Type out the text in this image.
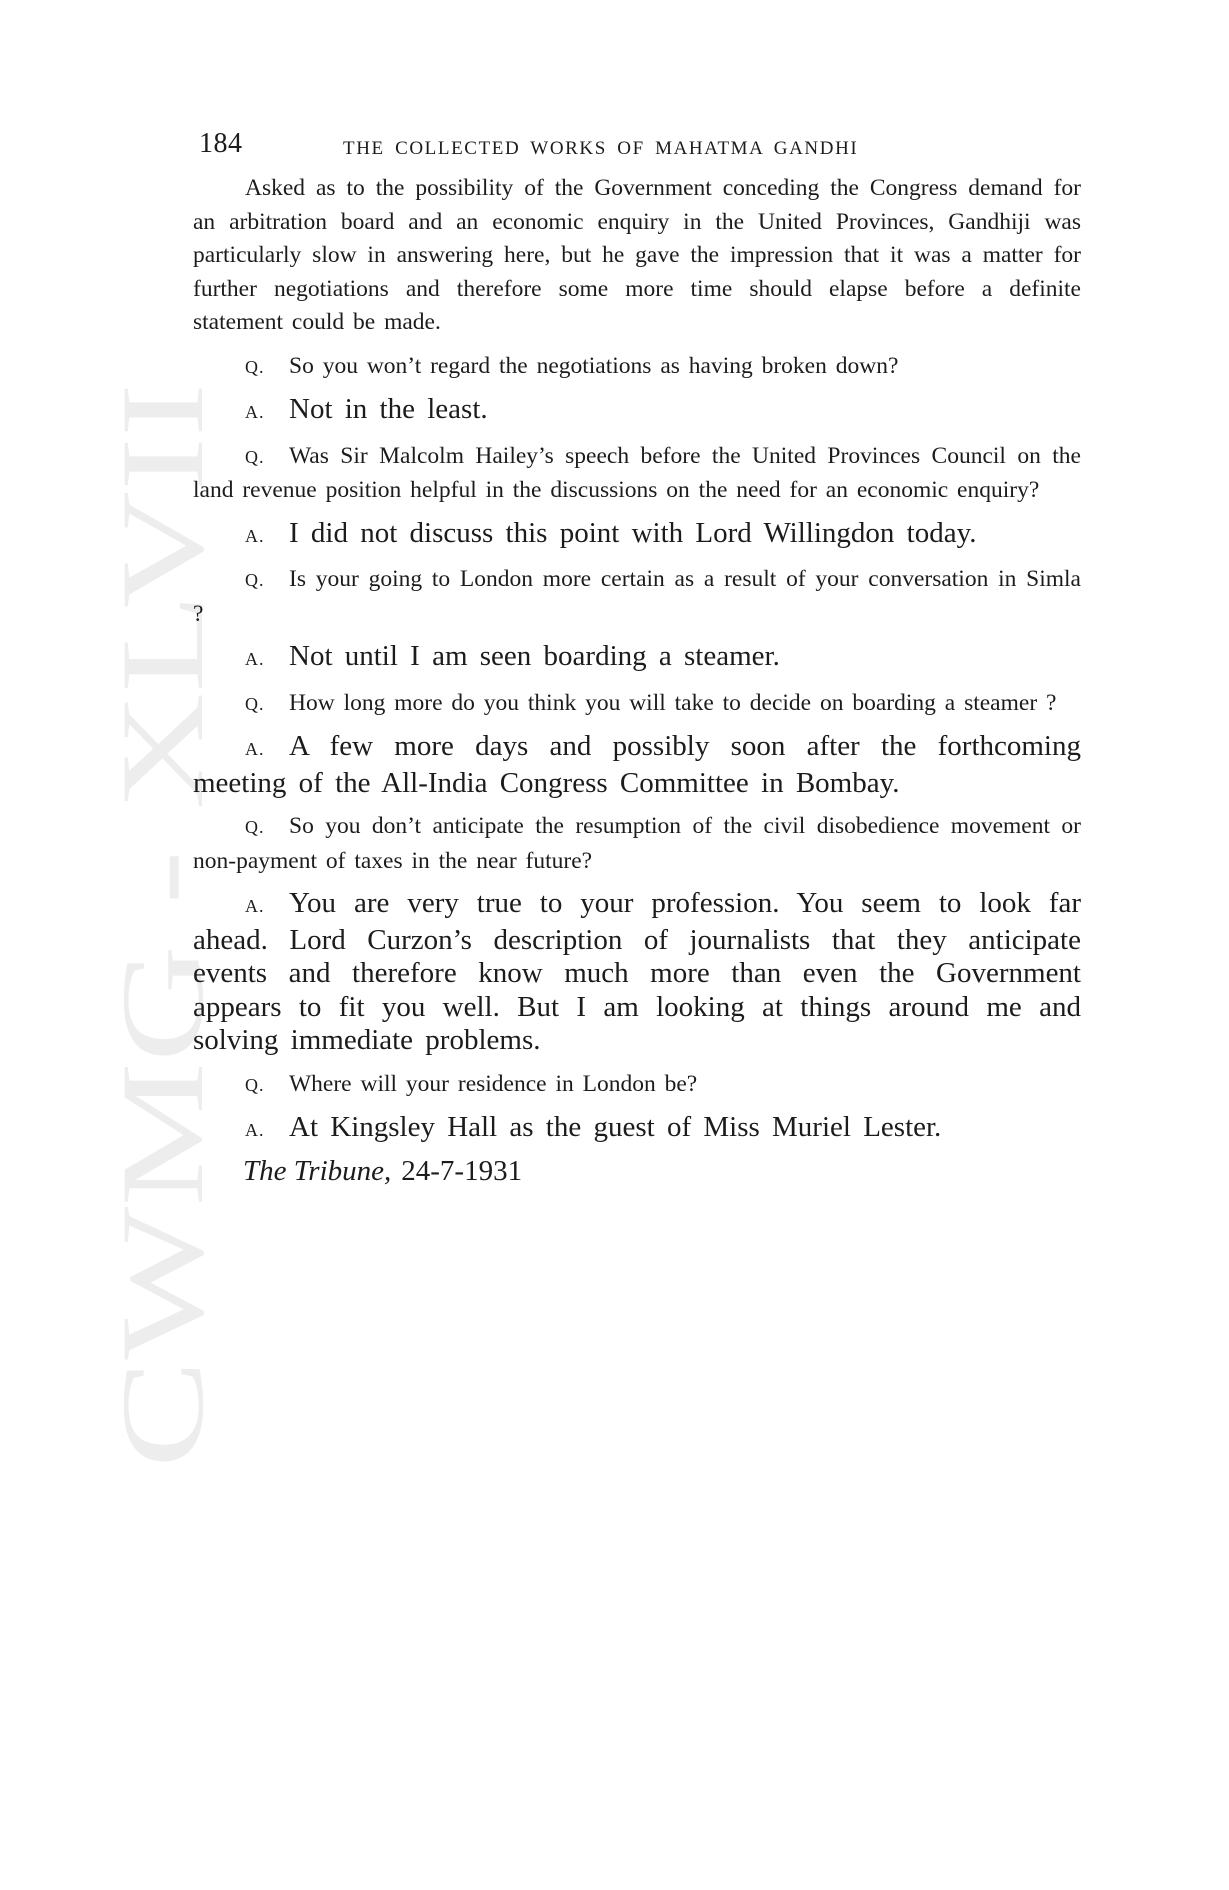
CWMG - XLVII
184	THE COLLECTED WORKS OF MAHATMA GANDHI

Asked as to the possibility of the Government conceding the Congress demand for an arbitration board and an economic enquiry in the United Provinces, Gandhiji was particularly slow in answering here, but he gave the impression that it was a matter for further negotiations and therefore some more time should elapse before a definite statement could be made.

Q. So you won’t regard the negotiations as having broken down?

A. Not in the least.

Q. Was Sir Malcolm Hailey’s speech before the United Provinces Council on the land revenue position helpful in the discussions on the need for an economic enquiry?

A. I did not discuss this point with Lord Willingdon today.

Q. Is your going to London more certain as a result of your conversation in Simla ?

A. Not until I am seen boarding a steamer.

Q. How long more do you think you will take to decide on boarding a steamer ?

A. A few more days and possibly soon after the forthcoming meeting of the All-India Congress Committee in Bombay.

Q. So you don’t anticipate the resumption of the civil disobedience movement or non-payment of taxes in the near future?

A. You are very true to your profession. You seem to look far ahead. Lord Curzon’s description of journalists that they anticipate events and therefore know much more than even the Government appears to fit you well. But I am looking at things around me and solving immediate problems.

Q. Where will your residence in London be?

A. At Kingsley Hall as the guest of Miss Muriel Lester.

The Tribune, 24-7-1931
